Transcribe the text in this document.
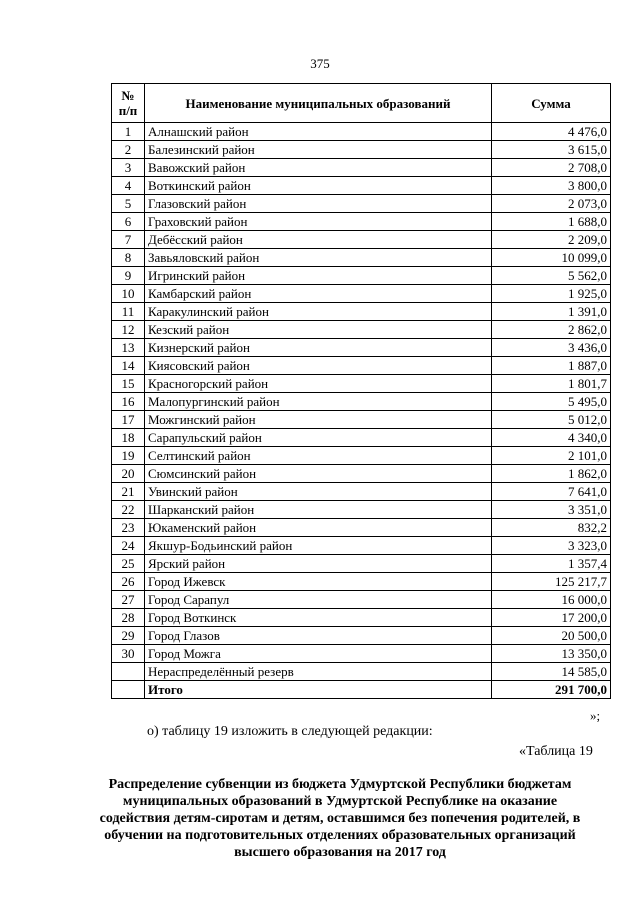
375
№ п/п	Наименование муниципальных образований	Сумма
1	Алнашский район	4 476,0
2	Балезинский район	3 615,0
3	Вавожский район	2 708,0
4	Воткинский район	3 800,0
5	Глазовский район	2 073,0
6	Граховский район	1 688,0
7	Дебёсский район	2 209,0
8	Завьяловский район	10 099,0
9	Игринский район	5 562,0
10	Камбарский район	1 925,0
11	Каракулинский район	1 391,0
12	Кезский район	2 862,0
13	Кизнерский район	3 436,0
14	Киясовский район	1 887,0
15	Красногорский район	1 801,7
16	Малопургинский район	5 495,0
17	Можгинский район	5 012,0
18	Сарапульский район	4 340,0
19	Селтинский район	2 101,0
20	Сюмсинский район	1 862,0
21	Увинский район	7 641,0
22	Шарканский район	3 351,0
23	Юкаменский район	832,2
24	Якшур-Бодьинский район	3 323,0
25	Ярский район	1 357,4
26	Город Ижевск	125 217,7
27	Город Сарапул	16 000,0
28	Город Воткинск	17 200,0
29	Город Глазов	20 500,0
30	Город Можга	13 350,0
	Нераспределённый резерв	14 585,0
	Итого	291 700,0
»;
о) таблицу 19 изложить в следующей редакции:
«Таблица 19
Распределение субвенции из бюджета Удмуртской Республики бюджетам муниципальных образований в Удмуртской Республике на оказание содействия детям-сиротам и детям, оставшимся без попечения родителей, в обучении на подготовительных отделениях образовательных организаций высшего образования на 2017 год
